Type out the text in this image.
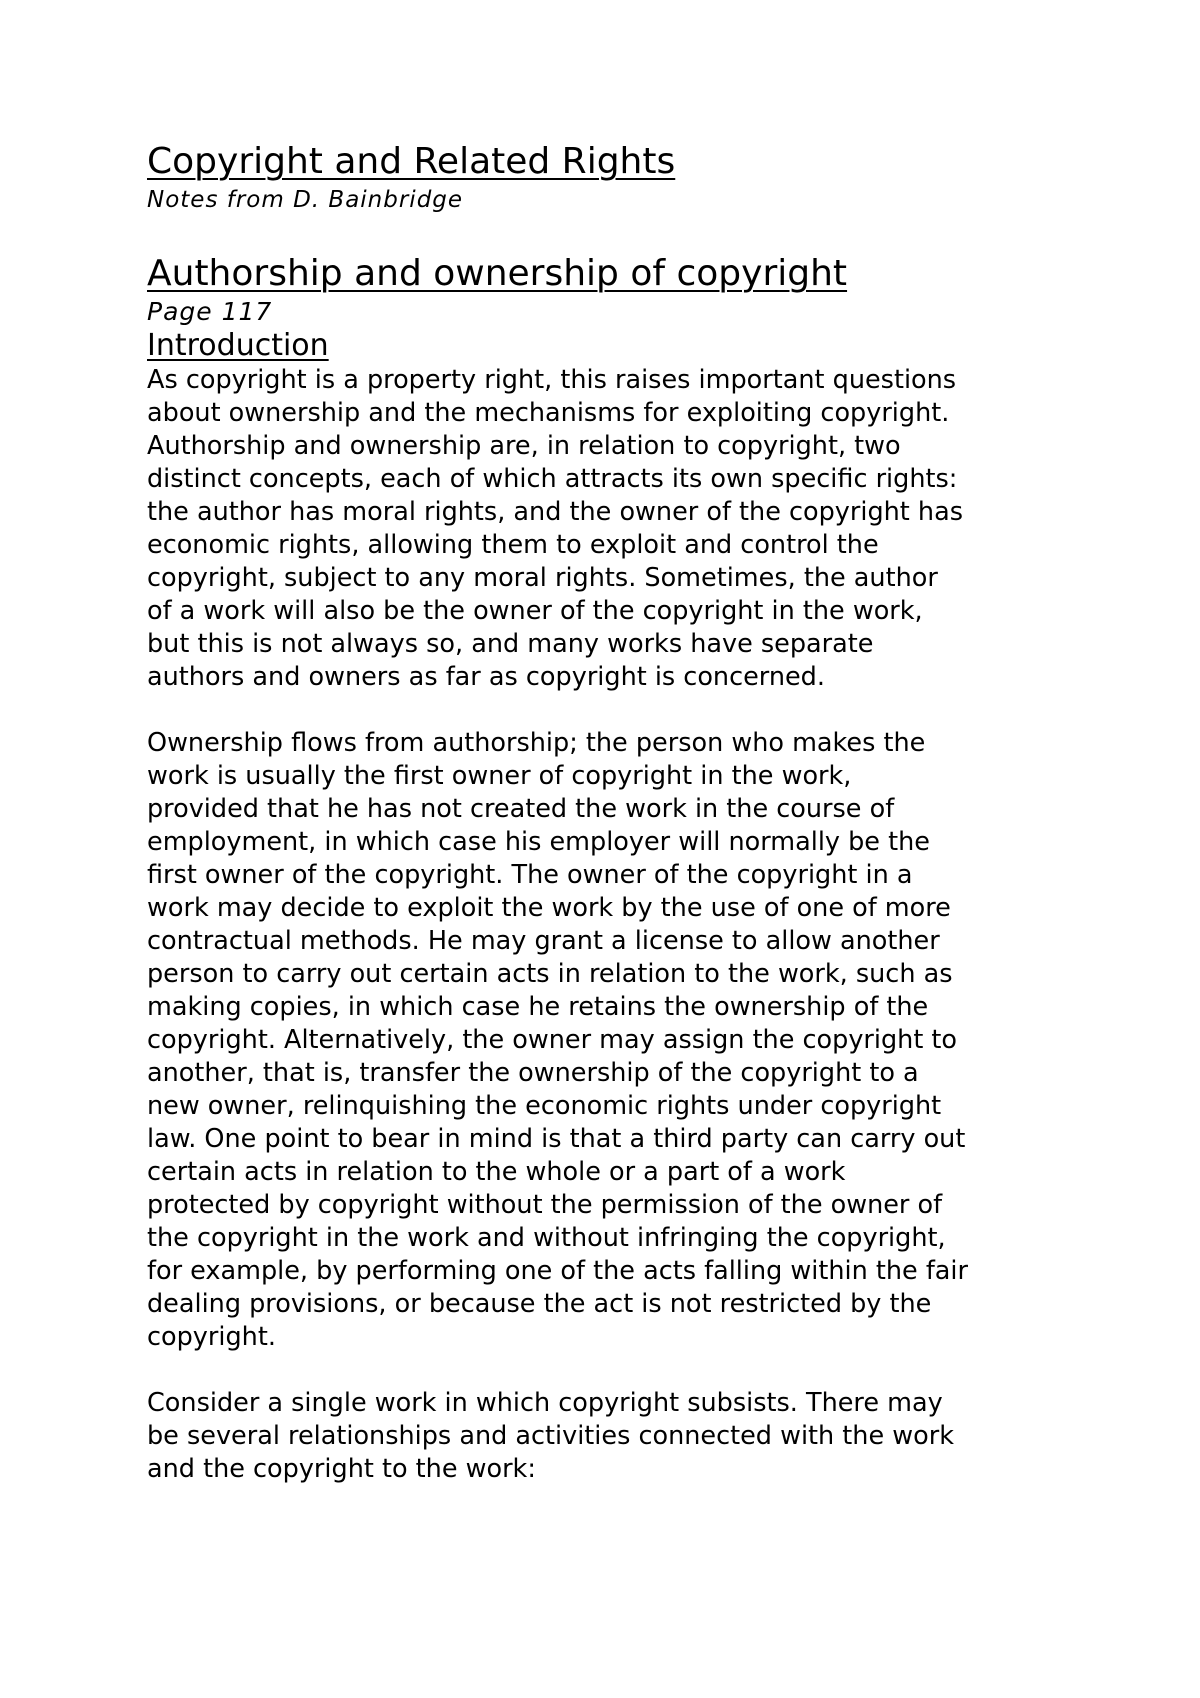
Copyright and Related Rights

Notes from D. Bainbridge

Authorship and ownership of copyright

Page 117

Introduction

As copyright is a property right, this raises important questions
about ownership and the mechanisms for exploiting copyright.
Authorship and ownership are, in relation to copyright, two
distinct concepts, each of which attracts its own specific rights:
the author has moral rights, and the owner of the copyright has
economic rights, allowing them to exploit and control the
copyright, subject to any moral rights. Sometimes, the author
of a work will also be the owner of the copyright in the work,
but this is not always so, and many works have separate
authors and owners as far as copyright is concerned.

Ownership flows from authorship; the person who makes the
work is usually the first owner of copyright in the work,
provided that he has not created the work in the course of
employment, in which case his employer will normally be the
first owner of the copyright. The owner of the copyright in a
work may decide to exploit the work by the use of one of more
contractual methods. He may grant a license to allow another
person to carry out certain acts in relation to the work, such as
making copies, in which case he retains the ownership of the
copyright. Alternatively, the owner may assign the copyright to
another, that is, transfer the ownership of the copyright to a
new owner, relinquishing the economic rights under copyright
law. One point to bear in mind is that a third party can carry out
certain acts in relation to the whole or a part of a work
protected by copyright without the permission of the owner of
the copyright in the work and without infringing the copyright,
for example, by performing one of the acts falling within the fair
dealing provisions, or because the act is not restricted by the
copyright.

Consider a single work in which copyright subsists. There may
be several relationships and activities connected with the work
and the copyright to the work:
